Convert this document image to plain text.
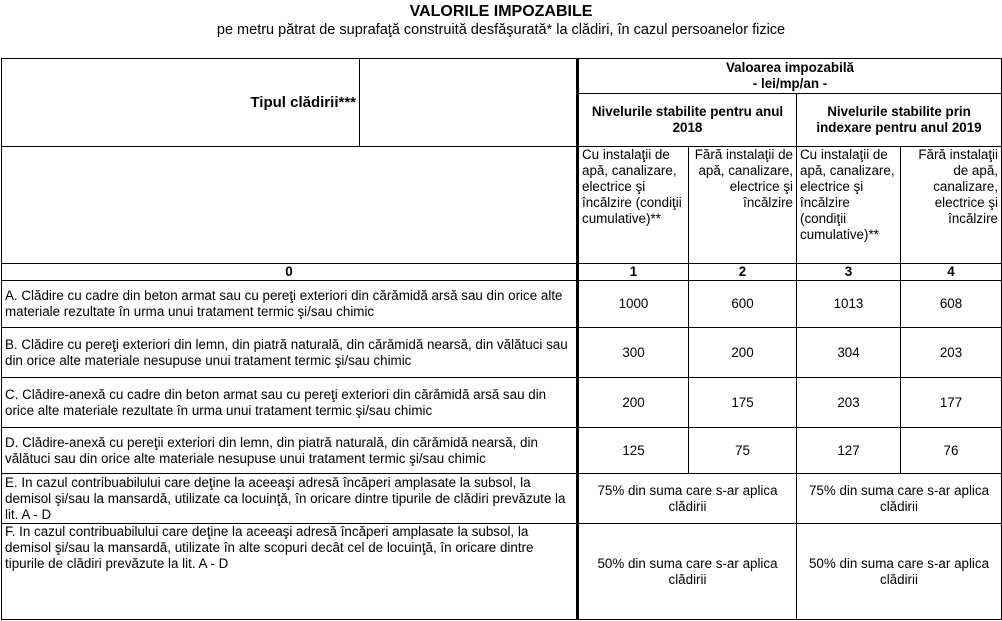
VALORILE IMPOZABILE
pe metru pătrat de suprafaţă construită desfăşurată* la clădiri, în cazul persoanelor fizice
Tipul clădirii***		Valoarea impozabilă
- lei/mp/an -			
		Nivelurile stabilite pentru anul 2018		Nivelurile stabilite prin indexare pentru anul 2019	
		Cu instalaţii de apă, canalizare, electrice şi încălzire (condiţii cumulative)**	Fără instalaţii de apă, canalizare, electrice şi încălzire	Cu instalaţii de apă, canalizare, electrice şi încălzire (condiţii cumulative)**	Fără instalaţii de apă, canalizare, electrice şi încălzire
0		1	2	3	4
A. Clădire cu cadre din beton armat sau cu pereţi exteriori din cărămidă arsă sau din orice alte materiale rezultate în urma unui tratament termic şi/sau chimic		1000	600	1013	608
B. Clădire cu pereţi exteriori din lemn, din piatră naturală, din cărămidă nearsă, din vălătuci sau din orice alte materiale nesupuse unui tratament termic şi/sau chimic		300	200	304	203
C. Clădire-anexă cu cadre din beton armat sau cu pereţi exteriori din cărămidă arsă sau din orice alte materiale rezultate în urma unui tratament termic şi/sau chimic		200	175	203	177
D. Clădire-anexă cu pereţii exteriori din lemn, din piatră naturală, din cărămidă nearsă, din vălătuci sau din orice alte materiale nesupuse unui tratament termic şi/sau chimic		125	75	127	76
E. In cazul contribuabilului care deţine la aceeaşi adresă încăperi amplasate la subsol, la demisol şi/sau la mansardă, utilizate ca locuinţă, în oricare dintre tipurile de clădiri prevăzute la lit. A - D		75% din suma care s-ar aplica clădirii		75% din suma care s-ar aplica clădirii	
F. In cazul contribuabilului care deţine la aceeaşi adresă încăperi amplasate la subsol, la demisol şi/sau la mansardă, utilizate în alte scopuri decât cel de locuinţă, în oricare dintre tipurile de clădiri prevăzute la lit. A - D		50% din suma care s-ar aplica clădirii		50% din suma care s-ar aplica clădirii	
